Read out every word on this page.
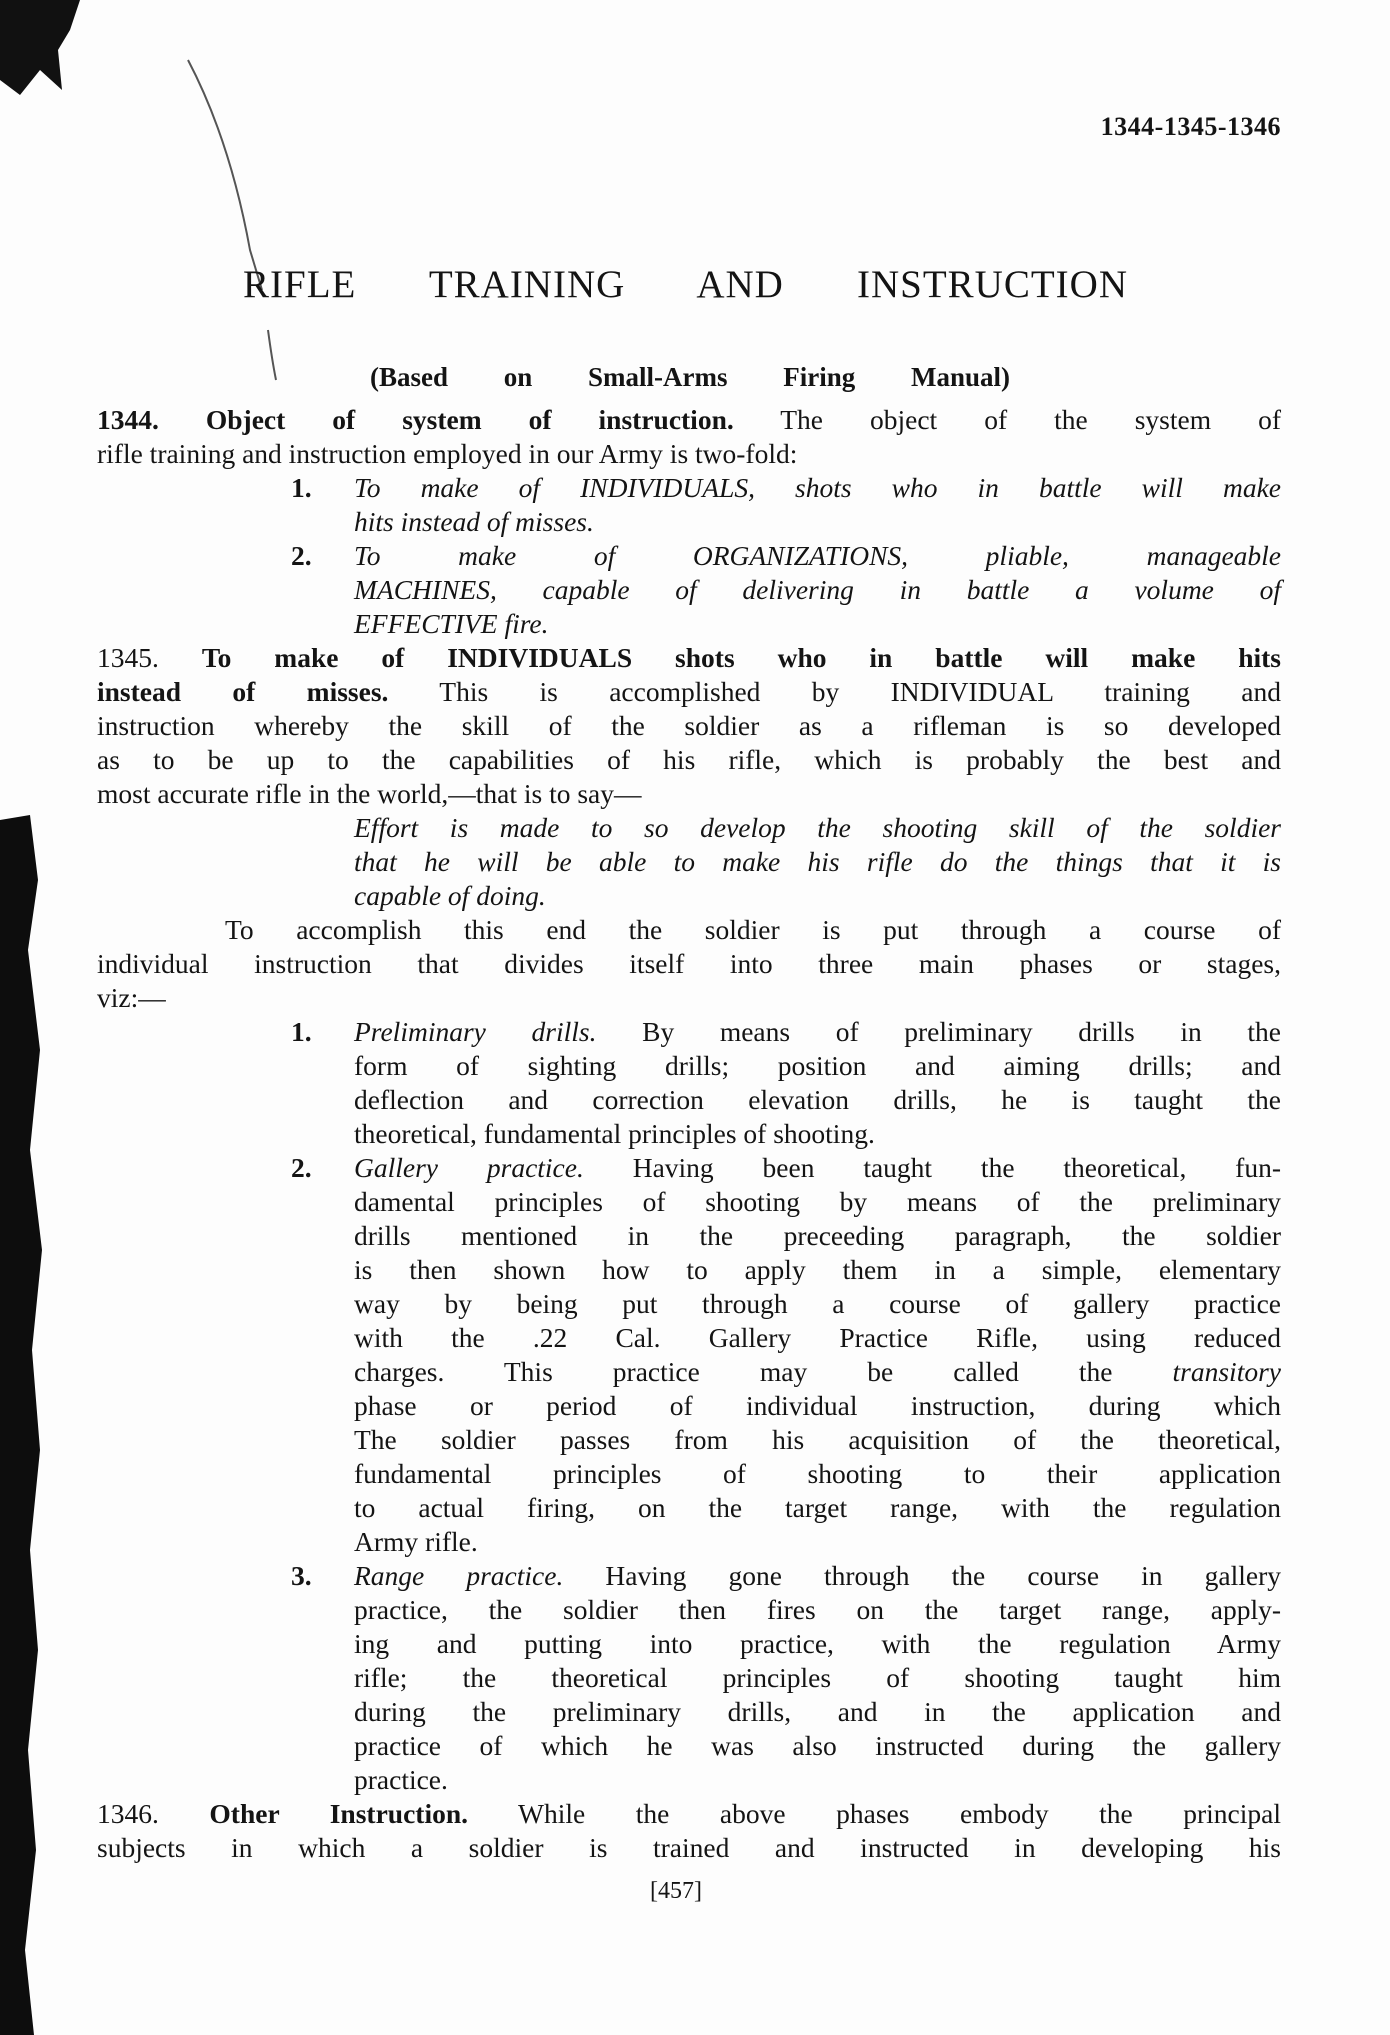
1344-1345-1346
RIFLE TRAINING AND INSTRUCTION
(Based on Small-Arms Firing Manual)
1344. Object of system of instruction. The object of the system of
rifle training and instruction employed in our Army is two-fold:
1. To make of INDIVIDUALS, shots who in battle will make
hits instead of misses.
2. To make of ORGANIZATIONS, pliable, manageable
MACHINES, capable of delivering in battle a volume of
EFFECTIVE fire.
1345. To make of INDIVIDUALS shots who in battle will make hits
instead of misses. This is accomplished by INDIVIDUAL training and
instruction whereby the skill of the soldier as a rifleman is so developed
as to be up to the capabilities of his rifle, which is probably the best and
most accurate rifle in the world,—that is to say—
Effort is made to so develop the shooting skill of the soldier
that he will be able to make his rifle do the things that it is
capable of doing.
To accomplish this end the soldier is put through a course of
individual instruction that divides itself into three main phases or stages,
viz:—
1. Preliminary drills. By means of preliminary drills in the
form of sighting drills; position and aiming drills; and
deflection and correction elevation drills, he is taught the
theoretical, fundamental principles of shooting.
2. Gallery practice. Having been taught the theoretical, fun-
damental principles of shooting by means of the preliminary
drills mentioned in the preceeding paragraph, the soldier
is then shown how to apply them in a simple, elementary
way by being put through a course of gallery practice
with the .22 Cal. Gallery Practice Rifle, using reduced
charges. This practice may be called the transitory
phase or period of individual instruction, during which
The soldier passes from his acquisition of the theoretical,
fundamental principles of shooting to their application
to actual firing, on the target range, with the regulation
Army rifle.
3. Range practice. Having gone through the course in gallery
practice, the soldier then fires on the target range, apply-
ing and putting into practice, with the regulation Army
rifle; the theoretical principles of shooting taught him
during the preliminary drills, and in the application and
practice of which he was also instructed during the gallery
practice.
1346. Other Instruction. While the above phases embody the principal
subjects in which a soldier is trained and instructed in developing his
[457]
